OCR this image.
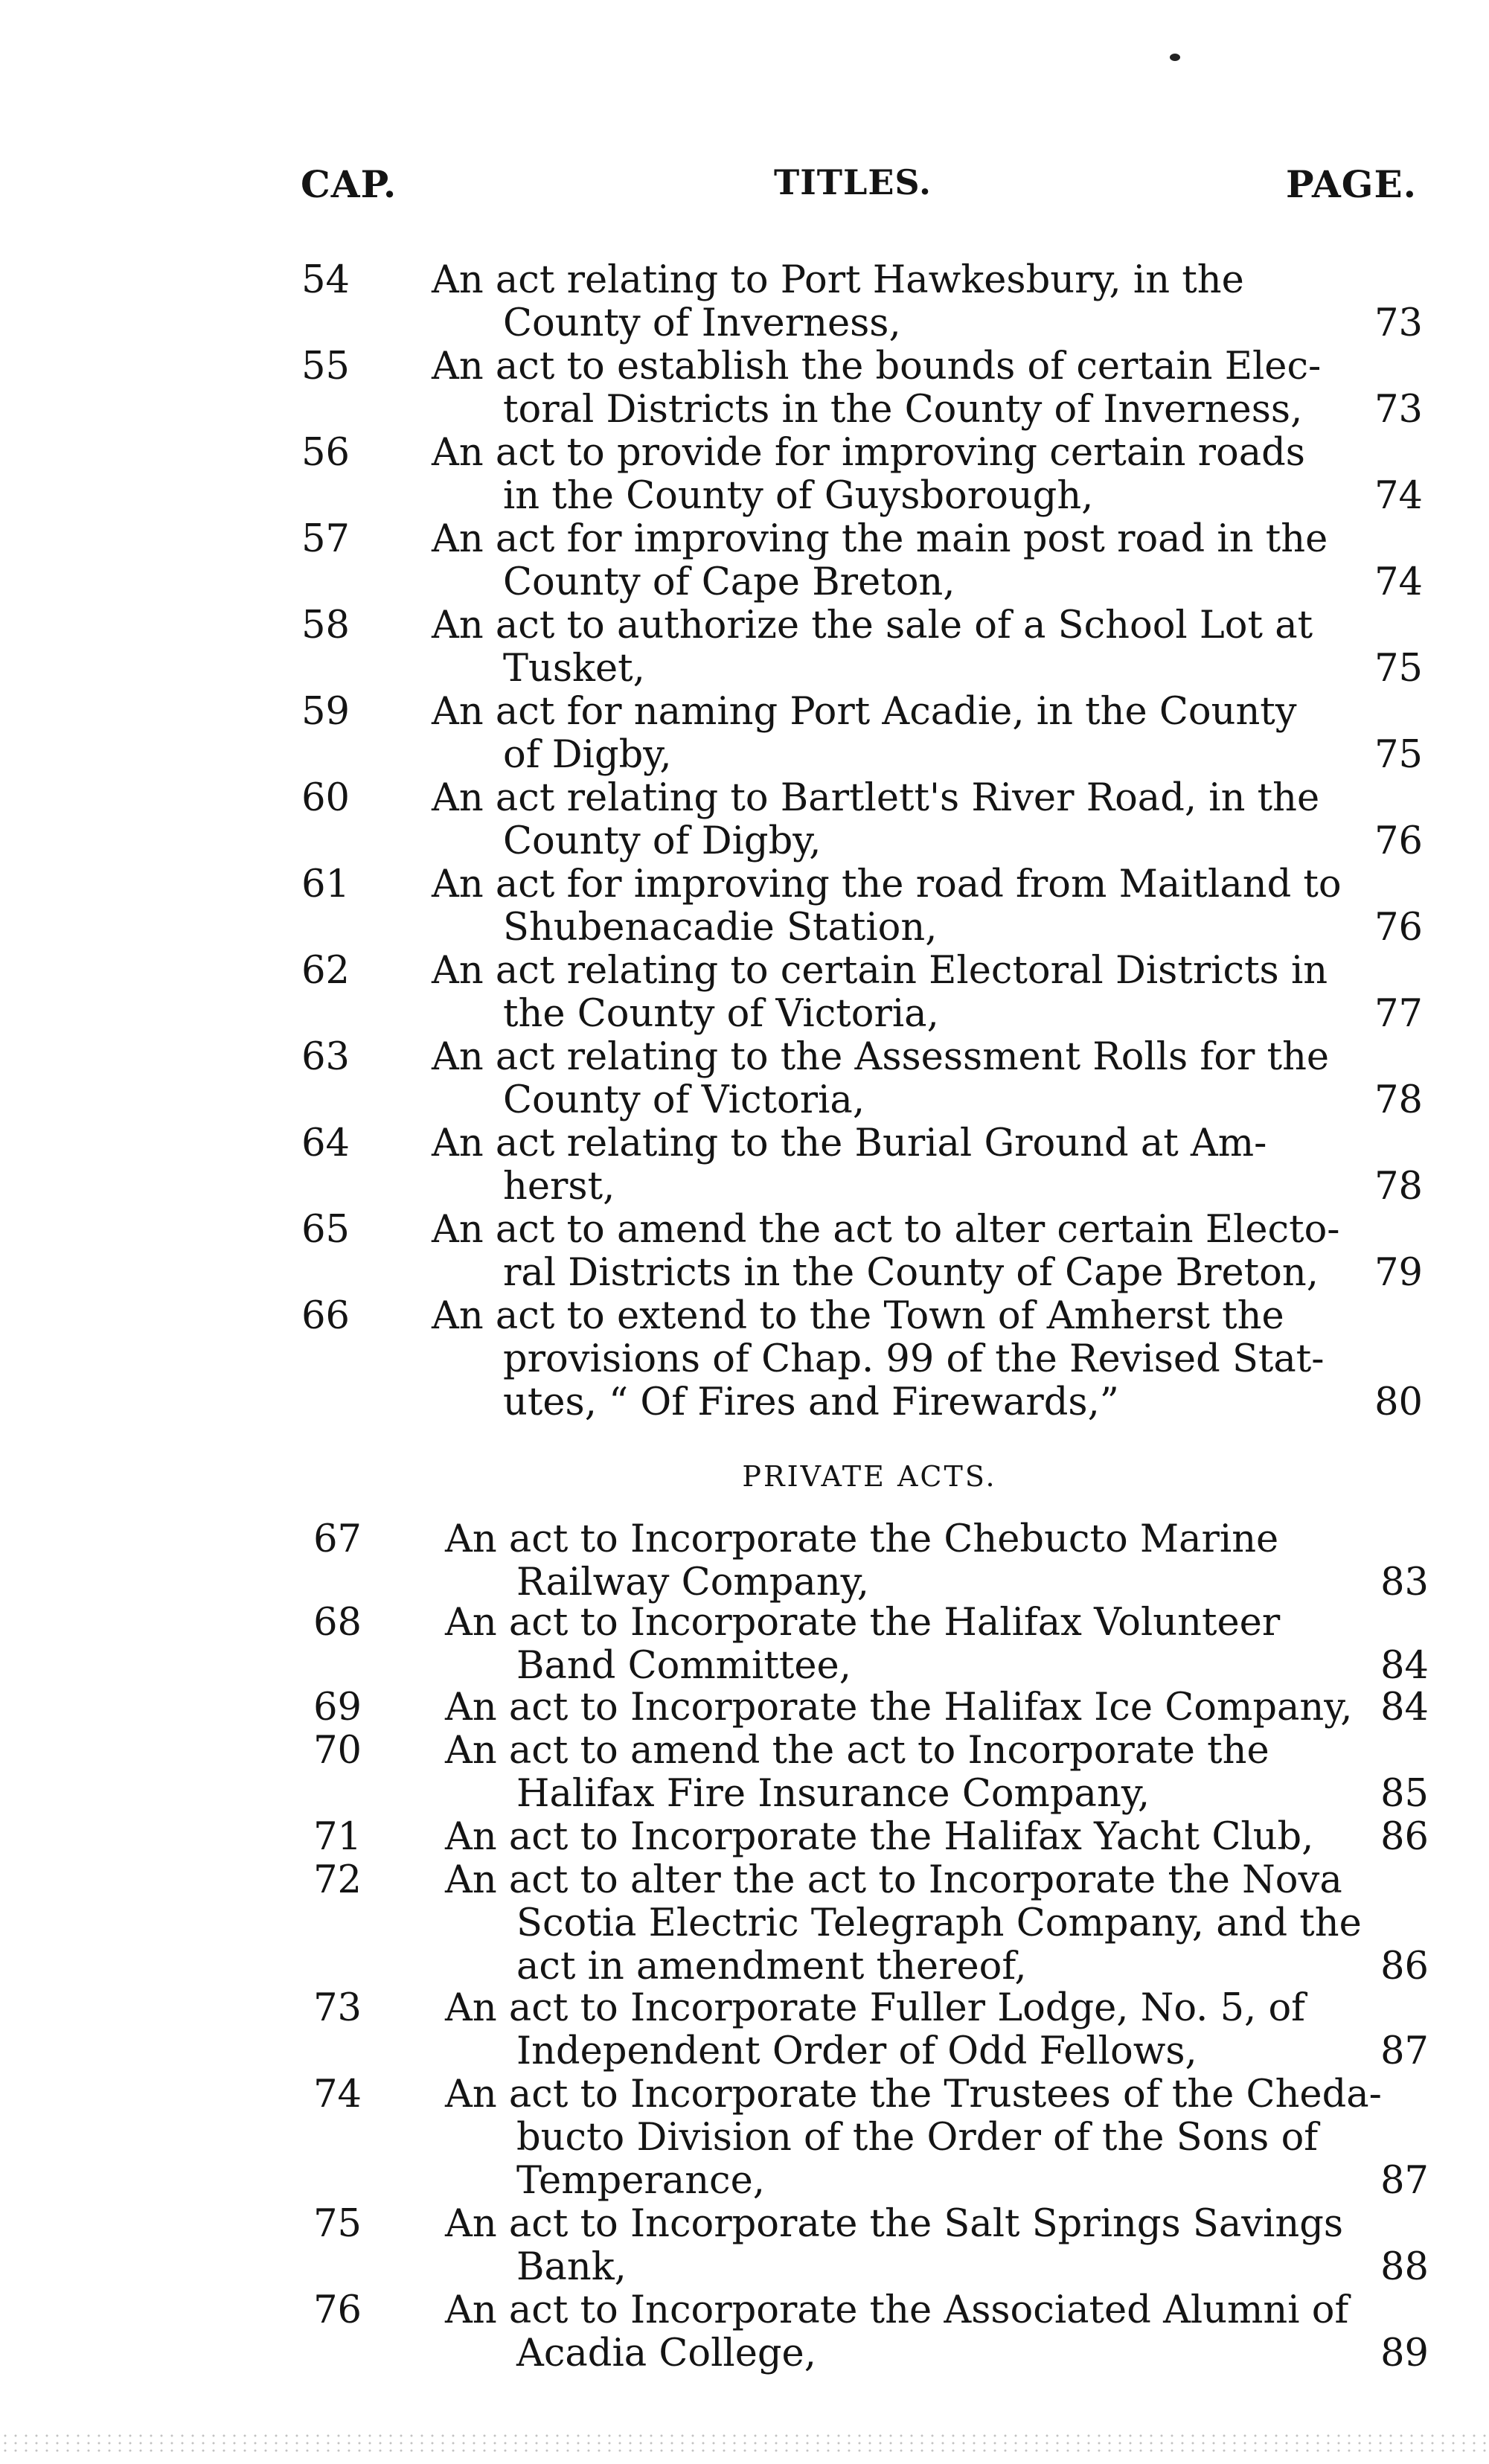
CAP.	TITLES.	PAGE.
54 An act relating to Port Hawkesbury, in the
County of Inverness,	73
55 An act to establish the bounds of certain Elec-
toral Districts in the County of Inverness,	73
56 An act to provide for improving certain roads
in the County of Guysborough,	74
57 An act for improving the main post road in the
County of Cape Breton,	74
58 An act to authorize the sale of a School Lot at
Tusket,	75
59 An act for naming Port Acadie, in the County
of Digby,	75
60 An act relating to Bartlett's River Road, in the
County of Digby,	76
61 An act for improving the road from Maitland to
Shubenacadie Station,	76
62 An act relating to certain Electoral Districts in
the County of Victoria,	77
63 An act relating to the Assessment Rolls for the
County of Victoria,	78
64 An act relating to the Burial Ground at Am-
herst,	78
65 An act to amend the act to alter certain Electo-
ral Districts in the County of Cape Breton,	79
66 An act to extend to the Town of Amherst the
provisions of Chap. 99 of the Revised Stat-
utes, “ Of Fires and Firewards,”	80
PRIVATE ACTS.
67 An act to Incorporate the Chebucto Marine
Railway Company,	83
68 An act to Incorporate the Halifax Volunteer
Band Committee,	84
69 An act to Incorporate the Halifax Ice Company, 84
70 An act to amend the act to Incorporate the
Halifax Fire Insurance Company,	85
71 An act to Incorporate the Halifax Yacht Club,	86
72 An act to alter the act to Incorporate the Nova
Scotia Electric Telegraph Company, and the
act in amendment thereof,	86
73 An act to Incorporate Fuller Lodge, No. 5, of
Independent Order of Odd Fellows,	87
74 An act to Incorporate the Trustees of the Cheda-
bucto Division of the Order of the Sons of
Temperance,	87
75 An act to Incorporate the Salt Springs Savings
Bank,	88
76 An act to Incorporate the Associated Alumni of
Acadia College,	89
